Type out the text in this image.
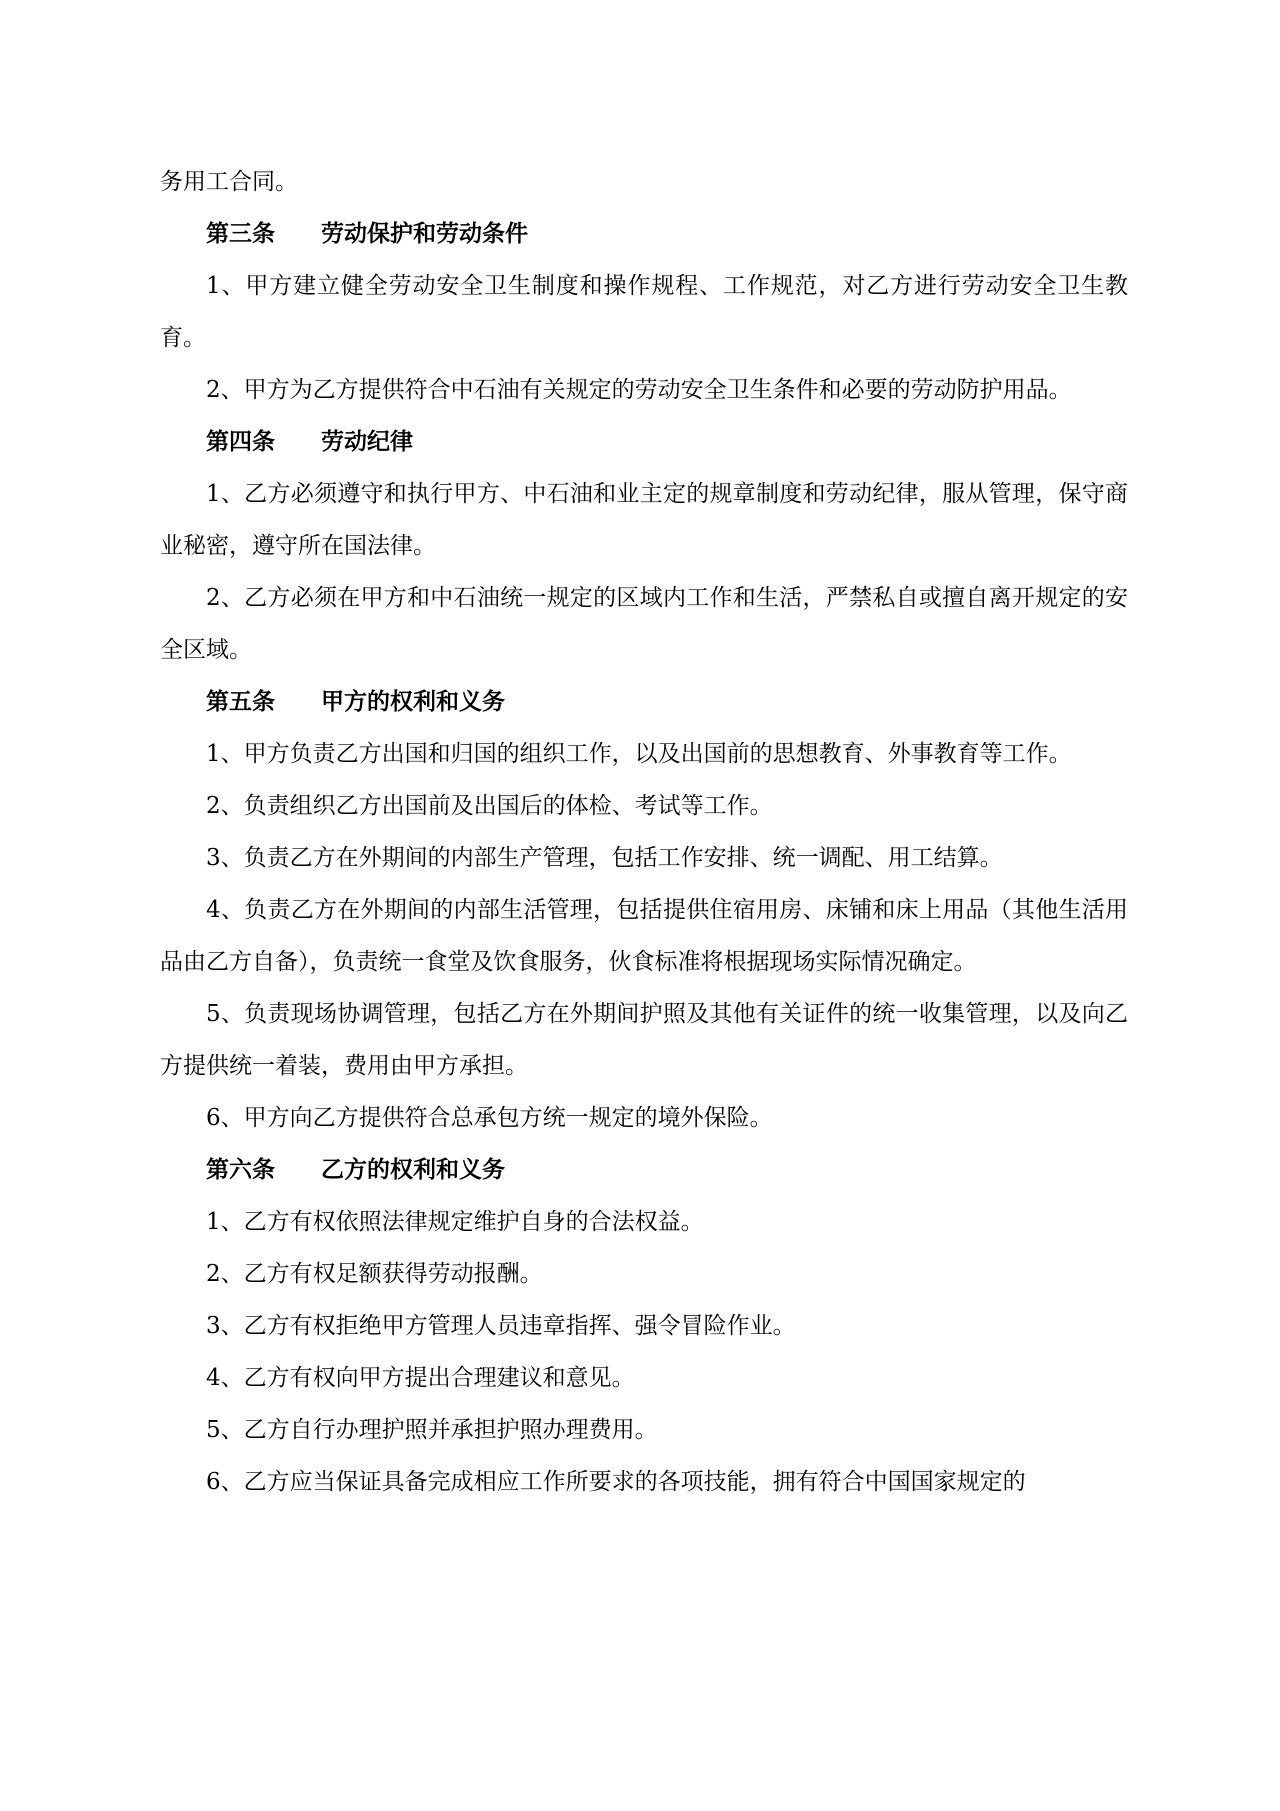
务用工合同。

第三条 劳动保护和劳动条件

1、甲方建立健全劳动安全卫生制度和操作规程、工作规范，对乙方进行劳动安全卫生教育。

2、甲方为乙方提供符合中石油有关规定的劳动安全卫生条件和必要的劳动防护用品。

第四条 劳动纪律

1、乙方必须遵守和执行甲方、中石油和业主定的规章制度和劳动纪律，服从管理，保守商业秘密，遵守所在国法律。

2、乙方必须在甲方和中石油统一规定的区域内工作和生活，严禁私自或擅自离开规定的安全区域。

第五条 甲方的权利和义务

1、甲方负责乙方出国和归国的组织工作，以及出国前的思想教育、外事教育等工作。

2、负责组织乙方出国前及出国后的体检、考试等工作。

3、负责乙方在外期间的内部生产管理，包括工作安排、统一调配、用工结算。

4、负责乙方在外期间的内部生活管理，包括提供住宿用房、床铺和床上用品（其他生活用品由乙方自备），负责统一食堂及饮食服务，伙食标准将根据现场实际情况确定。

5、负责现场协调管理，包括乙方在外期间护照及其他有关证件的统一收集管理，以及向乙方提供统一着装，费用由甲方承担。

6、甲方向乙方提供符合总承包方统一规定的境外保险。

第六条 乙方的权利和义务

1、乙方有权依照法律规定维护自身的合法权益。

2、乙方有权足额获得劳动报酬。

3、乙方有权拒绝甲方管理人员违章指挥、强令冒险作业。

4、乙方有权向甲方提出合理建议和意见。

5、乙方自行办理护照并承担护照办理费用。

6、乙方应当保证具备完成相应工作所要求的各项技能，拥有符合中国国家规定的
